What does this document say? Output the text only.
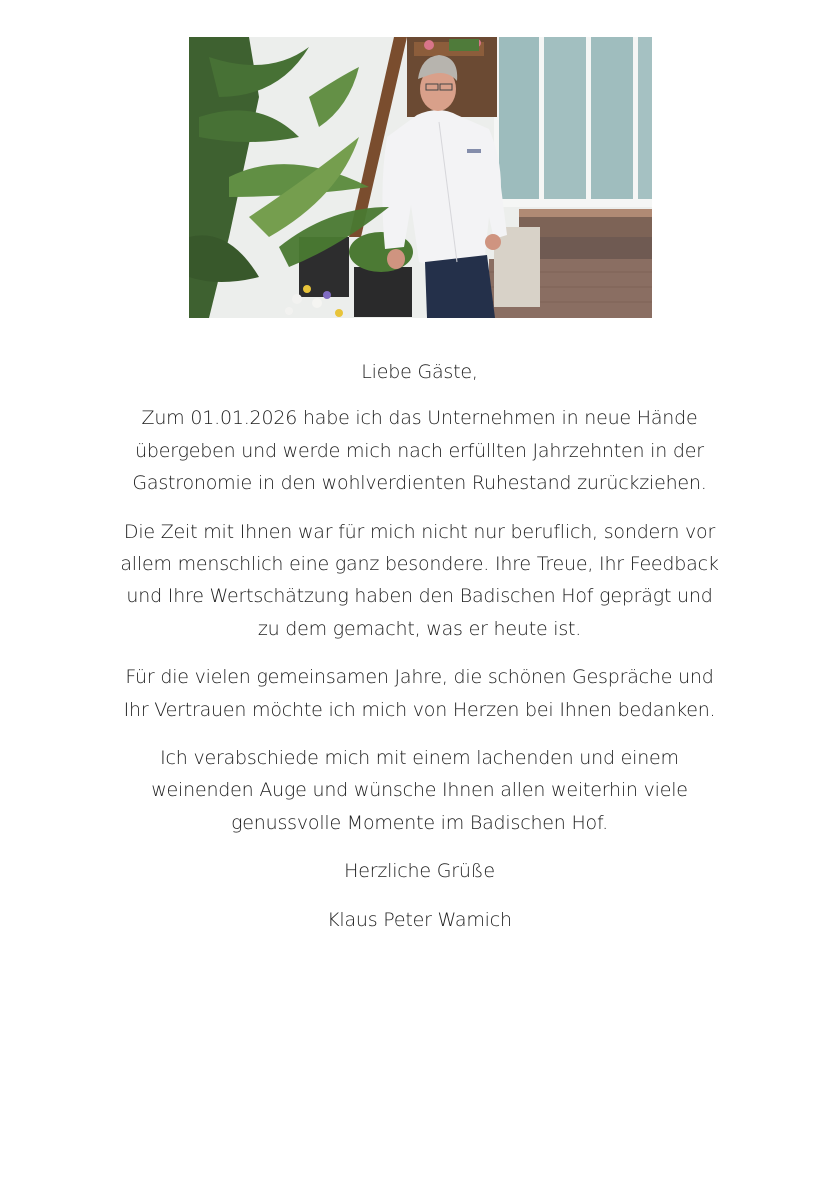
Liebe Gäste,

Zum 01.01.2026 habe ich das Unternehmen in neue Hände übergeben und werde mich nach erfüllten Jahrzehnten in der Gastronomie in den wohlverdienten Ruhestand zurückziehen.

Die Zeit mit Ihnen war für mich nicht nur beruflich, sondern vor allem menschlich eine ganz besondere. Ihre Treue, Ihr Feedback und Ihre Wertschätzung haben den Badischen Hof geprägt und zu dem gemacht, was er heute ist.

Für die vielen gemeinsamen Jahre, die schönen Gespräche und Ihr Vertrauen möchte ich mich von Herzen bei Ihnen bedanken.

Ich verabschiede mich mit einem lachenden und einem weinenden Auge und wünsche Ihnen allen weiterhin viele genussvolle Momente im Badischen Hof.

Herzliche Grüße

Klaus Peter Wamich
